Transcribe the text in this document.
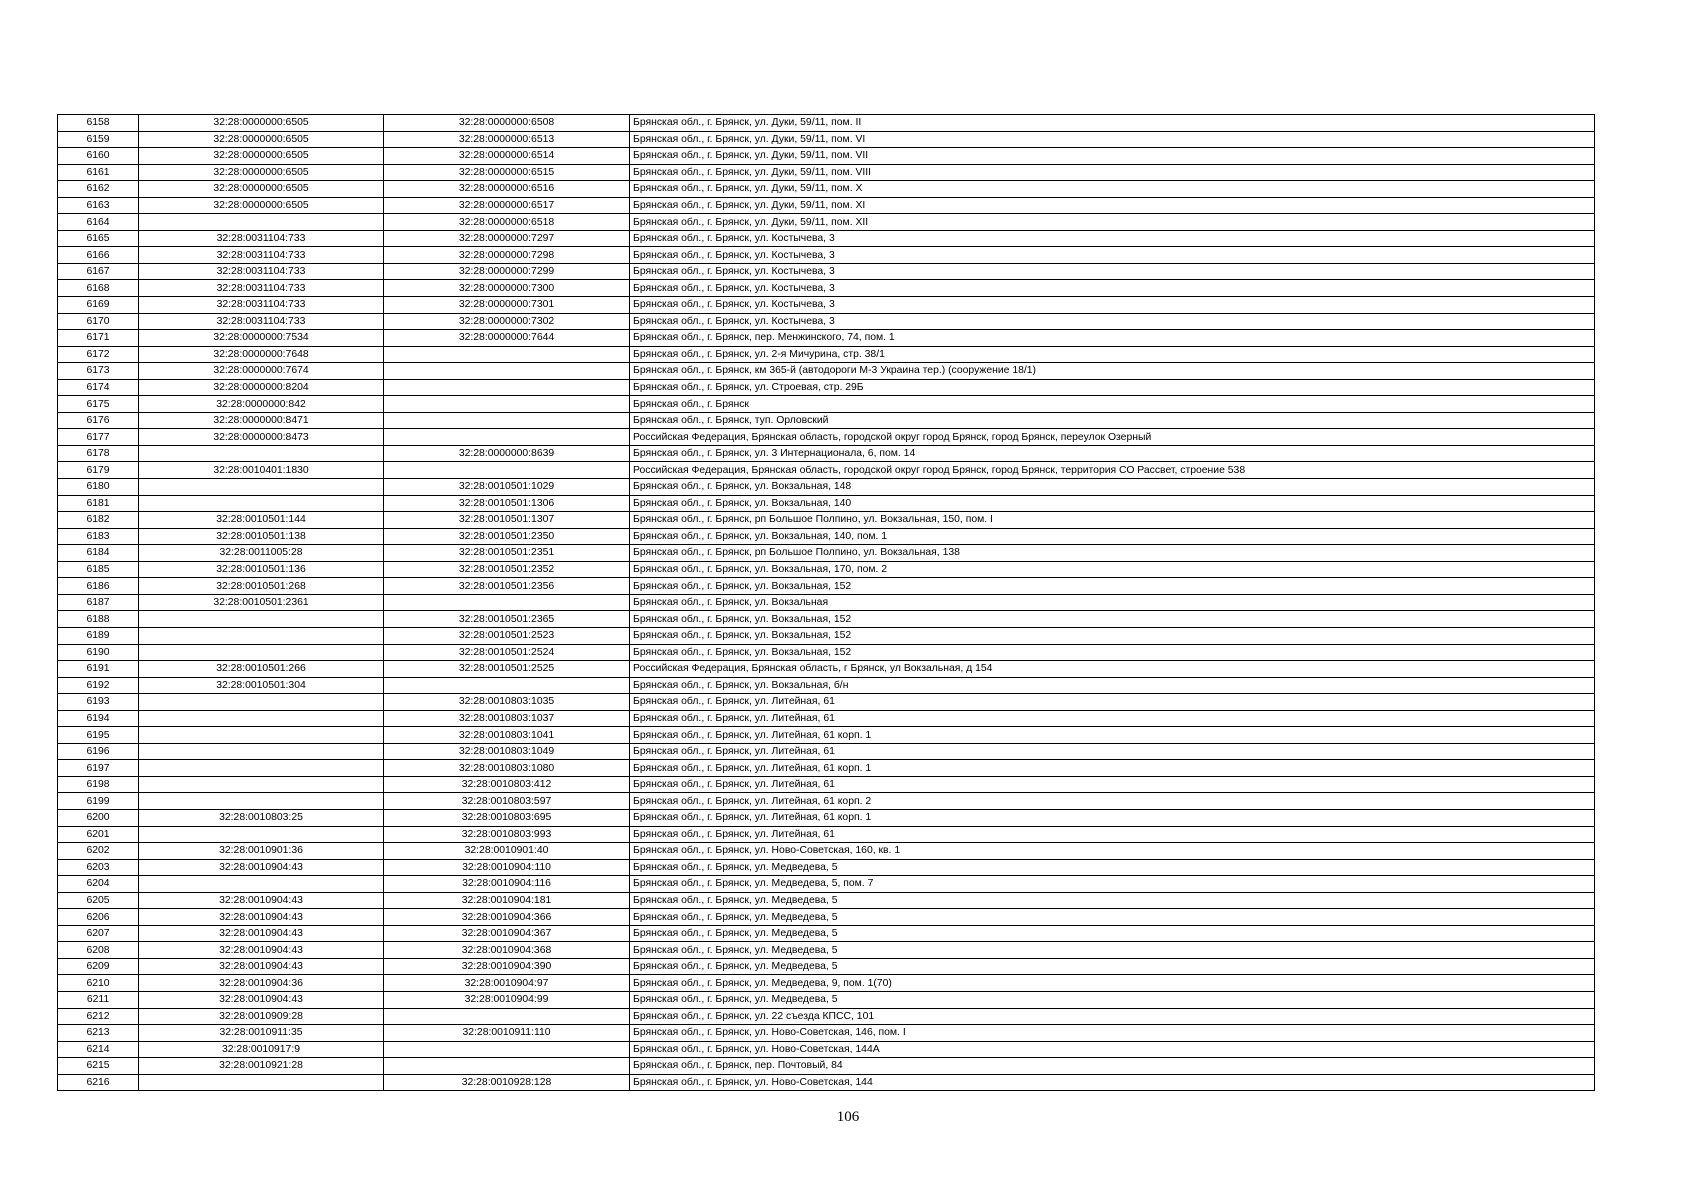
6158	32:28:0000000:6505	32:28:0000000:6508	Брянская обл., г. Брянск, ул. Дуки, 59/11, пом. II
6159	32:28:0000000:6505	32:28:0000000:6513	Брянская обл., г. Брянск, ул. Дуки, 59/11, пом. VI
6160	32:28:0000000:6505	32:28:0000000:6514	Брянская обл., г. Брянск, ул. Дуки, 59/11, пом. VII
6161	32:28:0000000:6505	32:28:0000000:6515	Брянская обл., г. Брянск, ул. Дуки, 59/11, пом. VIII
6162	32:28:0000000:6505	32:28:0000000:6516	Брянская обл., г. Брянск, ул. Дуки, 59/11, пом. X
6163	32:28:0000000:6505	32:28:0000000:6517	Брянская обл., г. Брянск, ул. Дуки, 59/11, пом. XI
6164		32:28:0000000:6518	Брянская обл., г. Брянск, ул. Дуки, 59/11, пом. XII
6165	32:28:0031104:733	32:28:0000000:7297	Брянская обл., г. Брянск, ул. Костычева, 3
6166	32:28:0031104:733	32:28:0000000:7298	Брянская обл., г. Брянск, ул. Костычева, 3
6167	32:28:0031104:733	32:28:0000000:7299	Брянская обл., г. Брянск, ул. Костычева, 3
6168	32:28:0031104:733	32:28:0000000:7300	Брянская обл., г. Брянск, ул. Костычева, 3
6169	32:28:0031104:733	32:28:0000000:7301	Брянская обл., г. Брянск, ул. Костычева, 3
6170	32:28:0031104:733	32:28:0000000:7302	Брянская обл., г. Брянск, ул. Костычева, 3
6171	32:28:0000000:7534	32:28:0000000:7644	Брянская обл., г. Брянск, пер. Менжинского, 74, пом. 1
6172	32:28:0000000:7648		Брянская обл., г. Брянск, ул. 2-я Мичурина, стр. 38/1
6173	32:28:0000000:7674		Брянская обл., г. Брянск, км 365-й (автодороги М-3 Украина тер.) (сооружение 18/1)
6174	32:28:0000000:8204		Брянская обл., г. Брянск, ул. Строевая, стр. 29Б
6175	32:28:0000000:842		Брянская обл., г. Брянск
6176	32:28:0000000:8471		Брянская обл., г. Брянск, туп. Орловский
6177	32:28:0000000:8473		Российская Федерация, Брянская область, городской округ город Брянск, город Брянск, переулок Озерный
6178		32:28:0000000:8639	Брянская обл., г. Брянск, ул. 3 Интернационала, 6, пом. 14
6179	32:28:0010401:1830		Российская Федерация, Брянская область, городской округ город Брянск, город Брянск, территория СО Рассвет, строение 538
6180		32:28:0010501:1029	Брянская обл., г. Брянск, ул. Вокзальная, 148
6181		32:28:0010501:1306	Брянская обл., г. Брянск, ул. Вокзальная, 140
6182	32:28:0010501:144	32:28:0010501:1307	Брянская обл., г. Брянск, рп Большое Полпино, ул. Вокзальная, 150, пом. I
6183	32:28:0010501:138	32:28:0010501:2350	Брянская обл., г. Брянск, ул. Вокзальная, 140, пом. 1
6184	32:28:0011005:28	32:28:0010501:2351	Брянская обл., г. Брянск, рп Большое Полпино, ул. Вокзальная, 138
6185	32:28:0010501:136	32:28:0010501:2352	Брянская обл., г. Брянск, ул. Вокзальная, 170, пом. 2
6186	32:28:0010501:268	32:28:0010501:2356	Брянская обл., г. Брянск, ул. Вокзальная, 152
6187	32:28:0010501:2361		Брянская обл., г. Брянск, ул. Вокзальная
6188		32:28:0010501:2365	Брянская обл., г. Брянск, ул. Вокзальная, 152
6189		32:28:0010501:2523	Брянская обл., г. Брянск, ул. Вокзальная, 152
6190		32:28:0010501:2524	Брянская обл., г. Брянск, ул. Вокзальная, 152
6191	32:28:0010501:266	32:28:0010501:2525	Российская Федерация, Брянская область, г Брянск, ул Вокзальная, д 154
6192	32:28:0010501:304		Брянская обл., г. Брянск, ул. Вокзальная, б/н
6193		32:28:0010803:1035	Брянская обл., г. Брянск, ул. Литейная, 61
6194		32:28:0010803:1037	Брянская обл., г. Брянск, ул. Литейная, 61
6195		32:28:0010803:1041	Брянская обл., г. Брянск, ул. Литейная, 61 корп. 1
6196		32:28:0010803:1049	Брянская обл., г. Брянск, ул. Литейная, 61
6197		32:28:0010803:1080	Брянская обл., г. Брянск, ул. Литейная, 61 корп. 1
6198		32:28:0010803:412	Брянская обл., г. Брянск, ул. Литейная, 61
6199		32:28:0010803:597	Брянская обл., г. Брянск, ул. Литейная, 61 корп. 2
6200	32:28:0010803:25	32:28:0010803:695	Брянская обл., г. Брянск, ул. Литейная, 61 корп. 1
6201		32:28:0010803:993	Брянская обл., г. Брянск, ул. Литейная, 61
6202	32:28:0010901:36	32:28:0010901:40	Брянская обл., г. Брянск, ул. Ново-Советская, 160, кв. 1
6203	32:28:0010904:43	32:28:0010904:110	Брянская обл., г. Брянск, ул. Медведева, 5
6204		32:28:0010904:116	Брянская обл., г. Брянск, ул. Медведева, 5, пом. 7
6205	32:28:0010904:43	32:28:0010904:181	Брянская обл., г. Брянск, ул. Медведева, 5
6206	32:28:0010904:43	32:28:0010904:366	Брянская обл., г. Брянск, ул. Медведева, 5
6207	32:28:0010904:43	32:28:0010904:367	Брянская обл., г. Брянск, ул. Медведева, 5
6208	32:28:0010904:43	32:28:0010904:368	Брянская обл., г. Брянск, ул. Медведева, 5
6209	32:28:0010904:43	32:28:0010904:390	Брянская обл., г. Брянск, ул. Медведева, 5
6210	32:28:0010904:36	32:28:0010904:97	Брянская обл., г. Брянск, ул. Медведева, 9, пом. 1(70)
6211	32:28:0010904:43	32:28:0010904:99	Брянская обл., г. Брянск, ул. Медведева, 5
6212	32:28:0010909:28		Брянская обл., г. Брянск, ул. 22 съезда КПСС, 101
6213	32:28:0010911:35	32:28:0010911:110	Брянская обл., г. Брянск, ул. Ново-Советская, 146, пом. I
6214	32:28:0010917:9		Брянская обл., г. Брянск, ул. Ново-Советская, 144А
6215	32:28:0010921:28		Брянская обл., г. Брянск, пер. Почтовый, 84
6216		32:28:0010928:128	Брянская обл., г. Брянск, ул. Ново-Советская, 144
106
